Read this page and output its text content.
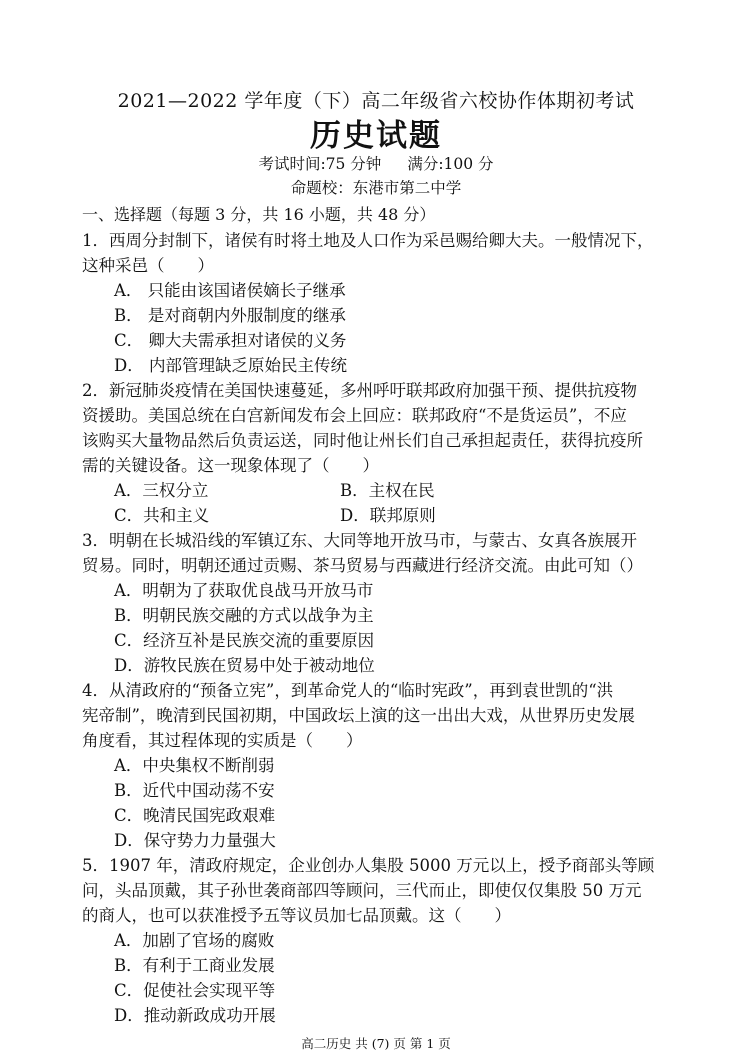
2021—2022 学年度（下）高二年级省六校协作体期初考试
历史试题
考试时间:75 分钟 满分:100 分
命题校：东港市第二中学
一、选择题（每题 3 分，共 16 小题，共 48 分）
1．西周分封制下，诸侯有时将土地及人口作为采邑赐给卿大夫。一般情况下，
这种采邑（　　）
A． 只能由该国诸侯嫡长子继承
B． 是对商朝内外服制度的继承
C． 卿大夫需承担对诸侯的义务
D． 内部管理缺乏原始民主传统
2．新冠肺炎疫情在美国快速蔓延，多州呼吁联邦政府加强干预、提供抗疫物
资援助。美国总统在白宫新闻发布会上回应：联邦政府“不是货运员”，不应
该购买大量物品然后负责运送，同时他让州长们自己承担起责任，获得抗疫所
需的关键设备。这一现象体现了（　　）
A．三权分立	B．主权在民
C．共和主义	D．联邦原则
3．明朝在长城沿线的军镇辽东、大同等地开放马市，与蒙古、女真各族展开
贸易。同时，明朝还通过贡赐、茶马贸易与西藏进行经济交流。由此可知（）
A．明朝为了获取优良战马开放马市
B．明朝民族交融的方式以战争为主
C．经济互补是民族交流的重要原因
D．游牧民族在贸易中处于被动地位
4．从清政府的“预备立宪”，到革命党人的“临时宪政”，再到袁世凯的“洪
宪帝制”，晚清到民国初期，中国政坛上演的这一出出大戏，从世界历史发展
角度看，其过程体现的实质是（　　）
A．中央集权不断削弱
B．近代中国动荡不安
C．晚清民国宪政艰难
D．保守势力力量强大
5．1907 年，清政府规定，企业创办人集股 5000 万元以上，授予商部头等顾
问，头品顶戴，其子孙世袭商部四等顾问，三代而止，即使仅仅集股 50 万元
的商人，也可以获准授予五等议员加七品顶戴。这（　　）
A．加剧了官场的腐败
B．有利于工商业发展
C．促使社会实现平等
D．推动新政成功开展
高二历史 共 (7) 页 第 1 页
